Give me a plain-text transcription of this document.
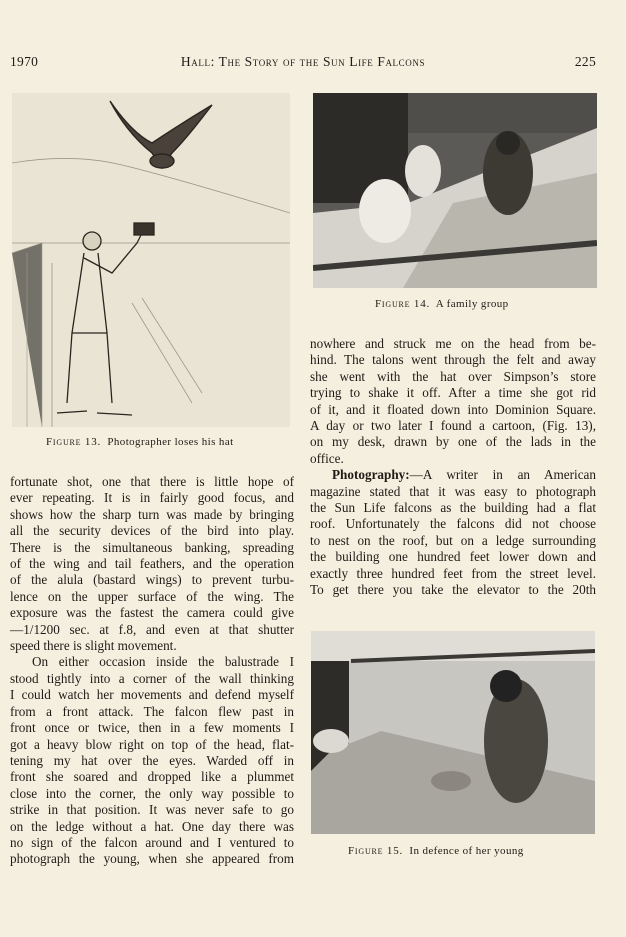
1970	Hall: The Story of the Sun Life Falcons	225
Figure 13. Photographer loses his hat
Figure 14. A family group
Figure 15. In defence of her young
fortunate shot, one that there is little hope of
ever repeating. It is in fairly good focus, and
shows how the sharp turn was made by bringing
all the security devices of the bird into play.
There is the simultaneous banking, spreading
of the wing and tail feathers, and the operation
of the alula (bastard wings) to prevent turbu-
lence on the upper surface of the wing. The
exposure was the fastest the camera could give
—1/1200 sec. at f.8, and even at that shutter
speed there is slight movement.
On either occasion inside the balustrade I
stood tightly into a corner of the wall thinking
I could watch her movements and defend myself
from a front attack. The falcon flew past in
front once or twice, then in a few moments I
got a heavy blow right on top of the head, flat-
tening my hat over the eyes. Warded off in
front she soared and dropped like a plummet
close into the corner, the only way possible to
strike in that position. It was never safe to go
on the ledge without a hat. One day there was
no sign of the falcon around and I ventured to
photograph the young, when she appeared from
nowhere and struck me on the head from be-
hind. The talons went through the felt and away
she went with the hat over Simpson’s store
trying to shake it off. After a time she got rid
of it, and it floated down into Dominion Square.
A day or two later I found a cartoon, (Fig. 13),
on my desk, drawn by one of the lads in the
office.
Photography:—A writer in an American
magazine stated that it was easy to photograph
the Sun Life falcons as the building had a flat
roof. Unfortunately the falcons did not choose
to nest on the roof, but on a ledge surrounding
the building one hundred feet lower down and
exactly three hundred feet from the street level.
To get there you take the elevator to the 20th
